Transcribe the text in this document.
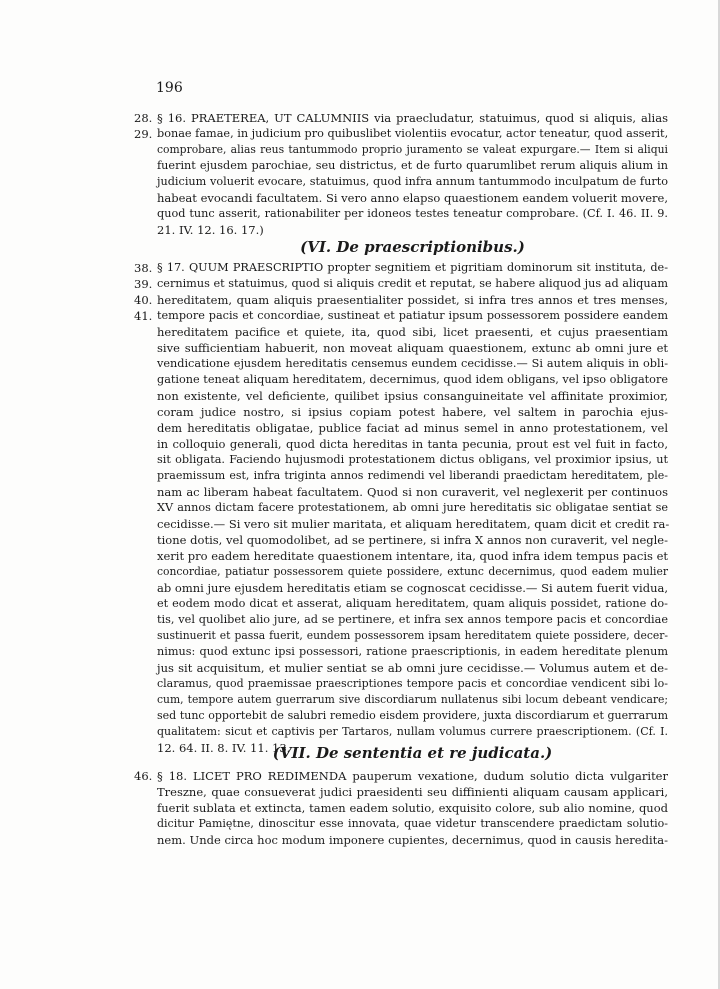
196
28.
29.
§ 16. PRAETEREA, UT CALUMNIIS via praecludatur, statuimus, quod si aliquis, alias
bonae famae, in judicium pro quibuslibet violentiis evocatur, actor teneatur, quod asserit,
comprobare, alias reus tantummodo proprio juramento se valeat expurgare.— Item si aliqui
fuerint ejusdem parochiae, seu districtus, et de furto quarumlibet rerum aliquis alium in
judicium voluerit evocare, statuimus, quod infra annum tantummodo inculpatum de furto
habeat evocandi facultatem. Si vero anno elapso quaestionem eandem voluerit movere,
quod tunc asserit, rationabiliter per idoneos testes teneatur comprobare. (Cf. I. 46. II. 9.
21. IV. 12. 16. 17.)
(VI. De praescriptionibus.)
38.
39.
40.
41.
§ 17. QUUM PRAESCRIPTIO propter segnitiem et pigritiam dominorum sit instituta, de-
cernimus et statuimus, quod si aliquis credit et reputat, se habere aliquod jus ad aliquam
hereditatem, quam aliquis praesentialiter possidet, si infra tres annos et tres menses,
tempore pacis et concordiae, sustineat et patiatur ipsum possessorem possidere eandem
hereditatem pacifice et quiete, ita, quod sibi, licet praesenti, et cujus praesentiam
sive sufficientiam habuerit, non moveat aliquam quaestionem, extunc ab omni jure et
vendicatione ejusdem hereditatis censemus eundem cecidisse.— Si autem aliquis in obli-
gatione teneat aliquam hereditatem, decernimus, quod idem obligans, vel ipso obligatore
non existente, vel deficiente, quilibet ipsius consanguineitate vel affinitate proximior,
coram judice nostro, si ipsius copiam potest habere, vel saltem in parochia ejus-
dem hereditatis obligatae, publice faciat ad minus semel in anno protestationem, vel
in colloquio generali, quod dicta hereditas in tanta pecunia, prout est vel fuit in facto,
sit obligata. Faciendo hujusmodi protestationem dictus obligans, vel proximior ipsius, ut
praemissum est, infra triginta annos redimendi vel liberandi praedictam hereditatem, ple-
nam ac liberam habeat facultatem. Quod si non curaverit, vel neglexerit per continuos
XV annos dictam facere protestationem, ab omni jure hereditatis sic obligatae sentiat se
cecidisse.— Si vero sit mulier maritata, et aliquam hereditatem, quam dicit et credit ra-
tione dotis, vel quomodolibet, ad se pertinere, si infra X annos non curaverit, vel negle-
xerit pro eadem hereditate quaestionem intentare, ita, quod infra idem tempus pacis et
concordiae, patiatur possessorem quiete possidere, extunc decernimus, quod eadem mulier
ab omni jure ejusdem hereditatis etiam se cognoscat cecidisse.— Si autem fuerit vidua,
et eodem modo dicat et asserat, aliquam hereditatem, quam aliquis possidet, ratione do-
tis, vel quolibet alio jure, ad se pertinere, et infra sex annos tempore pacis et concordiae
sustinuerit et passa fuerit, eundem possessorem ipsam hereditatem quiete possidere, decer-
nimus: quod extunc ipsi possessori, ratione praescriptionis, in eadem hereditate plenum
jus sit acquisitum, et mulier sentiat se ab omni jure cecidisse.— Volumus autem et de-
claramus, quod praemissae praescriptiones tempore pacis et concordiae vendicent sibi lo-
cum, tempore autem guerrarum sive discordiarum nullatenus sibi locum debeant vendicare;
sed tunc opportebit de salubri remedio eisdem providere, juxta discordiarum et guerrarum
qualitatem: sicut et captivis per Tartaros, nullam volumus currere praescriptionem. (Cf. I.
12. 64. II. 8. IV. 11. 13.
(VII. De sententia et re judicata.)
46. § 18. LICET PRO REDIMENDA pauperum vexatione, dudum solutio dicta vulgariter
Treszne, quae consueverat judici praesidenti seu diffinienti aliquam causam applicari,
fuerit sublata et extincta, tamen eadem solutio, exquisito colore, sub alio nomine, quod
dicitur Pamiętne, dinoscitur esse innovata, quae videtur transcendere praedictam solutio-
nem. Unde circa hoc modum imponere cupientes, decernimus, quod in causis heredita-
